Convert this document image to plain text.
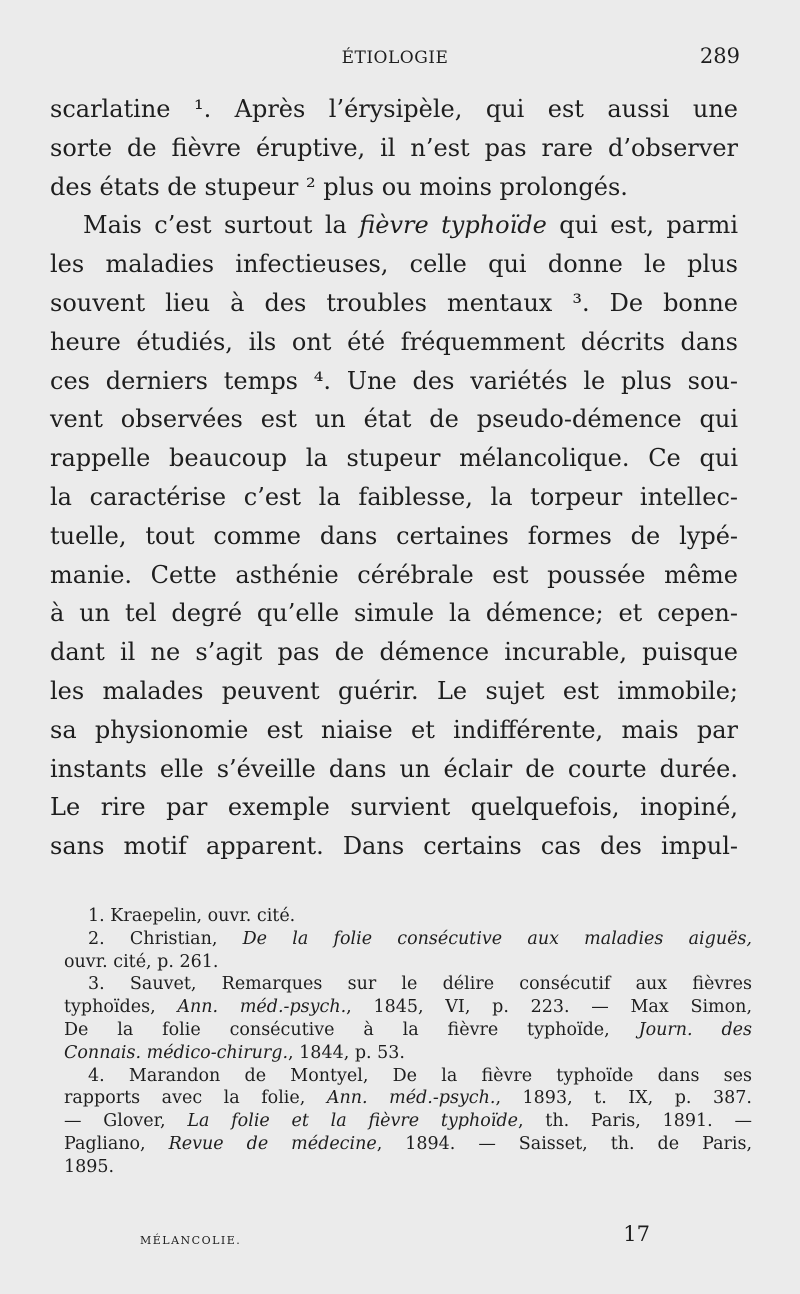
ÉTIOLOGIE	289
scarlatine ¹. Après l’érysipèle, qui est aussi une
sorte de fièvre éruptive, il n’est pas rare d’observer
des états de stupeur ² plus ou moins prolongés.
Mais c’est surtout la fièvre typhoïde qui est, parmi
les maladies infectieuses, celle qui donne le plus
souvent lieu à des troubles mentaux ³. De bonne
heure étudiés, ils ont été fréquemment décrits dans
ces derniers temps ⁴. Une des variétés le plus sou-
vent observées est un état de pseudo-démence qui
rappelle beaucoup la stupeur mélancolique. Ce qui
la caractérise c’est la faiblesse, la torpeur intellec-
tuelle, tout comme dans certaines formes de lypé-
manie. Cette asthénie cérébrale est poussée même
à un tel degré qu’elle simule la démence; et cepen-
dant il ne s’agit pas de démence incurable, puisque
les malades peuvent guérir. Le sujet est immobile;
sa physionomie est niaise et indifférente, mais par
instants elle s’éveille dans un éclair de courte durée.
Le rire par exemple survient quelquefois, inopiné,
sans motif apparent. Dans certains cas des impul-
1. Kraepelin, ouvr. cité.
2. Christian, De la folie consécutive aux maladies aiguës,
ouvr. cité, p. 261.
3. Sauvet, Remarques sur le délire consécutif aux fièvres
typhoïdes, Ann. méd.-psych., 1845, VI, p. 223. — Max Simon,
De la folie consécutive à la fièvre typhoïde, Journ. des
Connais. médico-chirurg., 1844, p. 53.
4. Marandon de Montyel, De la fièvre typhoïde dans ses
rapports avec la folie, Ann. méd.-psych., 1893, t. IX, p. 387.
— Glover, La folie et la fièvre typhoïde, th. Paris, 1891. —
Pagliano, Revue de médecine, 1894. — Saisset, th. de Paris,
1895.
MÉLANCOLIE.	17
